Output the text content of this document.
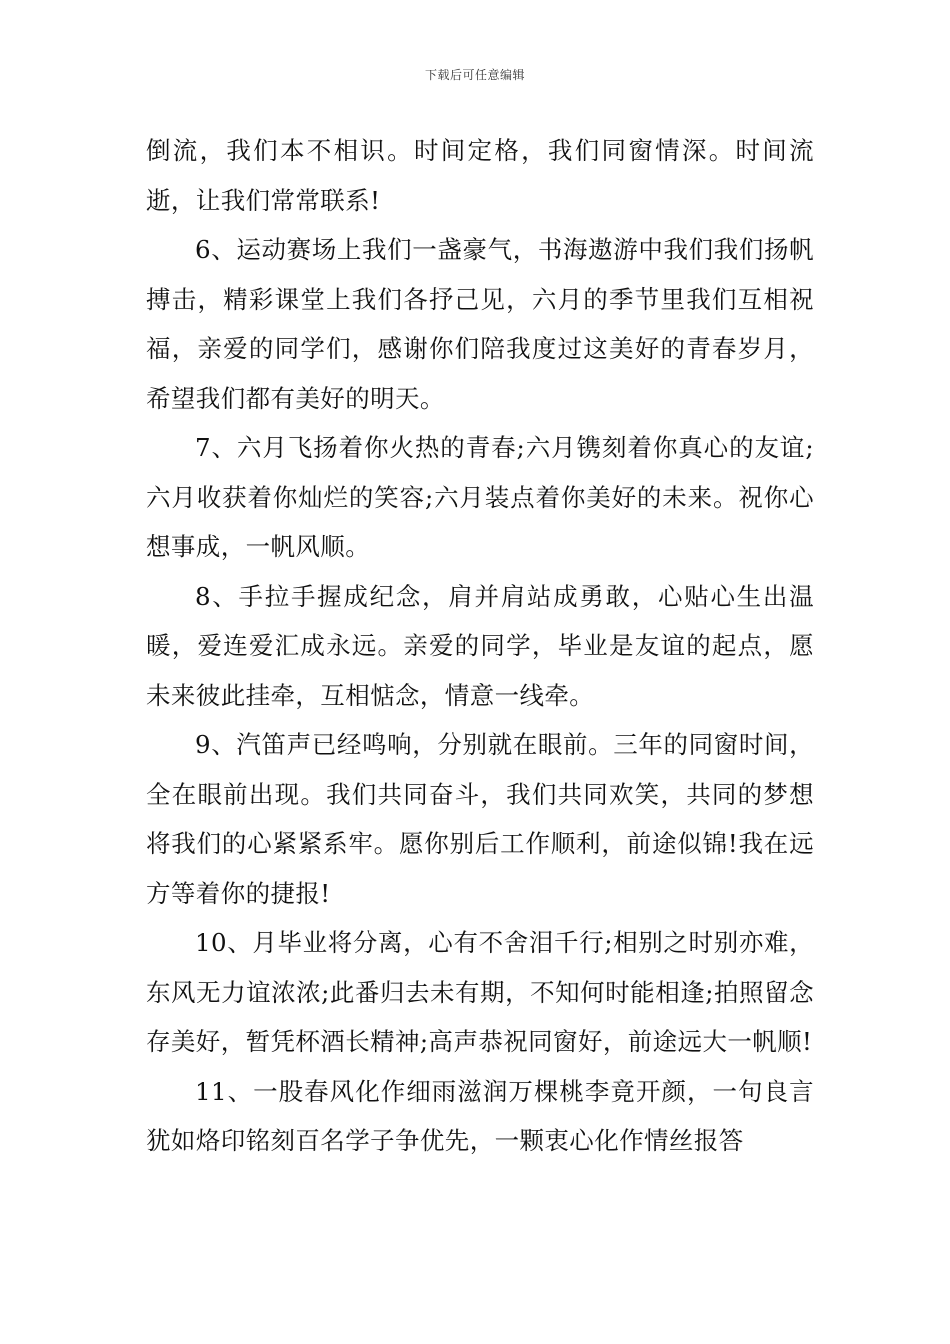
下载后可任意编辑

倒流，我们本不相识。时间定格，我们同窗情深。时间流逝，让我们常常联系!

6、运动赛场上我们一盏豪气，书海遨游中我们我们扬帆搏击，精彩课堂上我们各抒己见，六月的季节里我们互相祝福，亲爱的同学们，感谢你们陪我度过这美好的青春岁月，希望我们都有美好的明天。

7、六月飞扬着你火热的青春;六月镌刻着你真心的友谊;六月收获着你灿烂的笑容;六月装点着你美好的未来。祝你心想事成，一帆风顺。

8、手拉手握成纪念，肩并肩站成勇敢，心贴心生出温暖，爱连爱汇成永远。亲爱的同学，毕业是友谊的起点，愿未来彼此挂牵，互相惦念，情意一线牵。

9、汽笛声已经鸣响，分别就在眼前。三年的同窗时间，全在眼前出现。我们共同奋斗，我们共同欢笑，共同的梦想将我们的心紧紧系牢。愿你别后工作顺利，前途似锦!我在远方等着你的捷报!

10、月毕业将分离，心有不舍泪千行;相别之时别亦难，东风无力谊浓浓;此番归去未有期，不知何时能相逢;拍照留念存美好，暂凭杯酒长精神;高声恭祝同窗好，前途远大一帆顺!

11、一股春风化作细雨滋润万棵桃李竟开颜，一句良言犹如烙印铭刻百名学子争优先，一颗衷心化作情丝报答
